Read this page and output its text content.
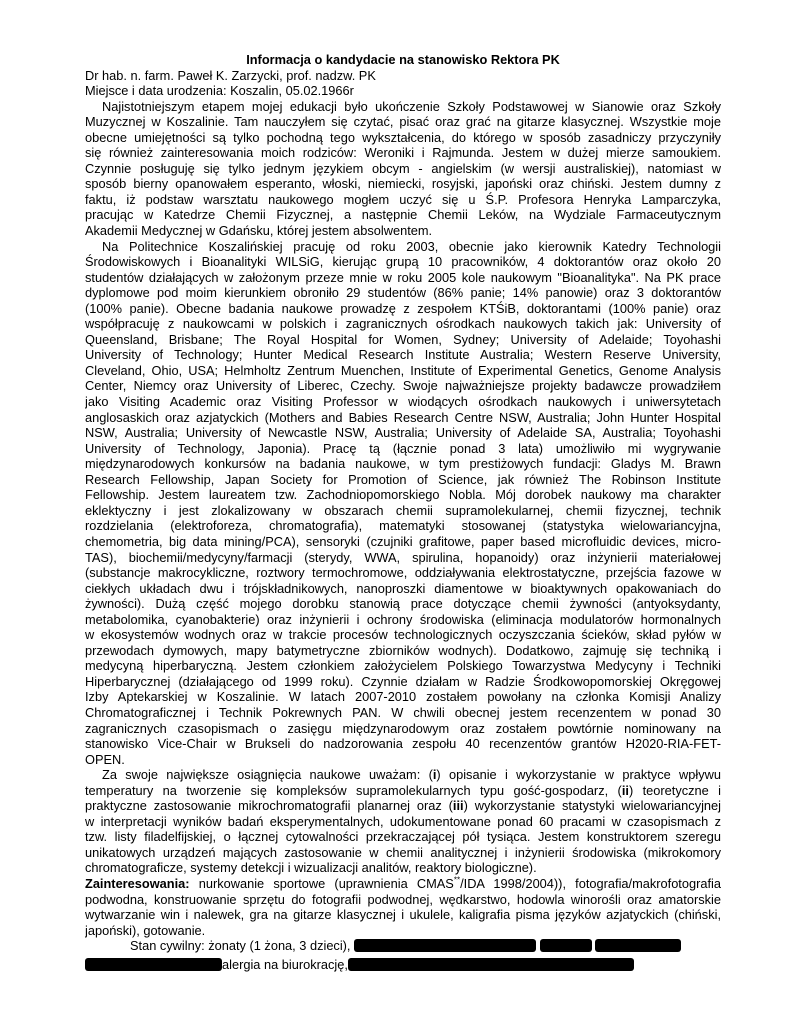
Informacja o kandydacie na stanowisko Rektora PK
Dr hab. n. farm. Paweł K. Zarzycki, prof. nadzw. PK
Miejsce i data urodzenia: Koszalin, 05.02.1966r
Najistotniejszym etapem mojej edukacji było ukończenie Szkoły Podstawowej w Sianowie oraz Szkoły
Muzycznej w Koszalinie. Tam nauczyłem się czytać, pisać oraz grać na gitarze klasycznej. Wszystkie moje
obecne umiejętności są tylko pochodną tego wykształcenia, do którego w sposób zasadniczy przyczyniły
się również zainteresowania moich rodziców: Weroniki i Rajmunda. Jestem w dużej mierze samoukiem.
Czynnie posługuję się tylko jednym językiem obcym - angielskim (w wersji australiskiej), natomiast w
sposób bierny opanowałem esperanto, włoski, niemiecki, rosyjski, japoński oraz chiński. Jestem dumny z
faktu, iż podstaw warsztatu naukowego mogłem uczyć się u Ś.P. Profesora Henryka Lamparczyka,
pracując w Katedrze Chemii Fizycznej, a następnie Chemii Leków, na Wydziale Farmaceutycznym
Akademii Medycznej w Gdańsku, której jestem absolwentem.
Na Politechnice Koszalińskiej pracuję od roku 2003, obecnie jako kierownik Katedry Technologii
Środowiskowych i Bioanalityki WILSiG, kierując grupą 10 pracowników, 4 doktorantów oraz około 20
studentów działających w założonym przeze mnie w roku 2005 kole naukowym "Bioanalityka". Na PK prace
dyplomowe pod moim kierunkiem obroniło 29 studentów (86% panie; 14% panowie) oraz 3 doktorantów
(100% panie). Obecne badania naukowe prowadzę z zespołem KTŚiB, doktorantami (100% panie) oraz
współpracuję z naukowcami w polskich i zagranicznych ośrodkach naukowych takich jak: University of
Queensland, Brisbane; The Royal Hospital for Women, Sydney; University of Adelaide; Toyohashi
University of Technology; Hunter Medical Research Institute Australia; Western Reserve University,
Cleveland, Ohio, USA; Helmholtz Zentrum Muenchen, Institute of Experimental Genetics, Genome Analysis
Center, Niemcy oraz University of Liberec, Czechy. Swoje najważniejsze projekty badawcze prowadziłem
jako Visiting Academic oraz Visiting Professor w wiodących ośrodkach naukowych i uniwersytetach
anglosaskich oraz azjatyckich (Mothers and Babies Research Centre NSW, Australia; John Hunter Hospital
NSW, Australia; University of Newcastle NSW, Australia; University of Adelaide SA, Australia; Toyohashi
University of Technology, Japonia). Pracę tą (łącznie ponad 3 lata) umożliwiło mi wygrywanie
międzynarodowych konkursów na badania naukowe, w tym prestiżowych fundacji: Gladys M. Brawn
Research Fellowship, Japan Society for Promotion of Science, jak również The Robinson Institute
Fellowship. Jestem laureatem tzw. Zachodniopomorskiego Nobla. Mój dorobek naukowy ma charakter
eklektyczny i jest zlokalizowany w obszarach chemii supramolekularnej, chemii fizycznej, technik
rozdzielania (elektroforeza, chromatografia), matematyki stosowanej (statystyka wielowariancyjna,
chemometria, big data mining/PCA), sensoryki (czujniki grafitowe, paper based microfluidic devices, micro-
TAS), biochemii/medycyny/farmacji (sterydy, WWA, spirulina, hopanoidy) oraz inżynierii materiałowej
(substancje makrocykliczne, roztwory termochromowe, oddziaływania elektrostatyczne, przejścia fazowe w
ciekłych układach dwu i trójskładnikowych, nanoproszki diamentowe w bioaktywnych opakowaniach do
żywności). Dużą część mojego dorobku stanowią prace dotyczące chemii żywności (antyoksydanty,
metabolomika, cyanobakterie) oraz inżynierii i ochrony środowiska (eliminacja modulatorów hormonalnych
w ekosystemów wodnych oraz w trakcie procesów technologicznych oczyszczania ścieków, skład pyłów w
przewodach dymowych, mapy batymetryczne zbiorników wodnych). Dodatkowo, zajmuję się techniką i
medycyną hiperbaryczną. Jestem członkiem założycielem Polskiego Towarzystwa Medycyny i Techniki
Hiperbarycznej (działającego od 1999 roku). Czynnie działam w Radzie Środkowopomorskiej Okręgowej
Izby Aptekarskiej w Koszalinie. W latach 2007-2010 zostałem powołany na członka Komisji Analizy
Chromatograficznej i Technik Pokrewnych PAN. W chwili obecnej jestem recenzentem w ponad 30
zagranicznych czasopismach o zasięgu międzynarodowym oraz zostałem powtórnie nominowany na
stanowisko Vice-Chair w Brukseli do nadzorowania zespołu 40 recenzentów grantów H2020-RIA-FET-
OPEN.
Za swoje największe osiągnięcia naukowe uważam: (i) opisanie i wykorzystanie w praktyce wpływu
temperatury na tworzenie się kompleksów supramolekularnych typu gość-gospodarz, (ii) teoretyczne i
praktyczne zastosowanie mikrochromatografii planarnej oraz (iii) wykorzystanie statystyki wielowariancyjnej
w interpretacji wyników badań eksperymentalnych, udokumentowane ponad 60 pracami w czasopismach z
tzw. listy filadelfijskiej, o łącznej cytowalności przekraczającej pół tysiąca. Jestem konstruktorem szeregu
unikatowych urządzeń mających zastosowanie w chemii analitycznej i inżynierii środowiska (mikrokomory
chromatograficze, systemy detekcji i wizualizacji analitów, reaktory biologiczne).
Zainteresowania: nurkowanie sportowe (uprawnienia CMAS**/IDA 1998/2004)), fotografia/makrofotografia
podwodna, konstruowanie sprzętu do fotografii podwodnej, wędkarstwo, hodowla winorośli oraz amatorskie
wytwarzanie win i nalewek, gra na gitarze klasycznej i ukulele, kaligrafia pisma języków azjatyckich (chiński,
japoński), gotowanie.
Stan cywilny: żonaty (1 żona, 3 dzieci),
alergia na biurokrację,
